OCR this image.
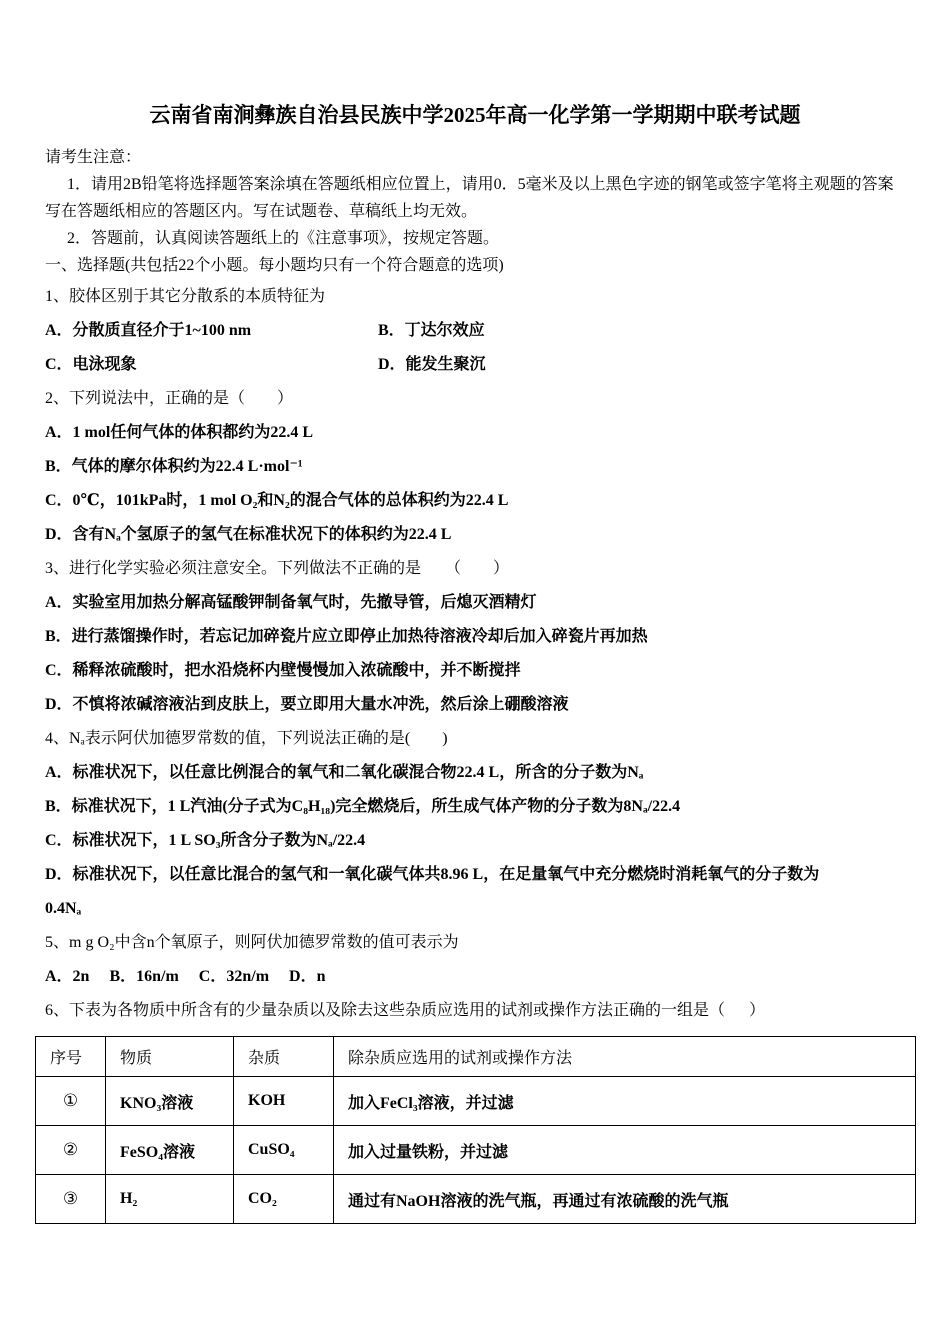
云南省南涧彝族自治县民族中学2025年高一化学第一学期期中联考试题

请考生注意：

1．请用2B铅笔将选择题答案涂填在答题纸相应位置上，请用0．5毫米及以上黑色字迹的钢笔或签字笔将主观题的答案写在答题纸相应的答题区内。写在试题卷、草稿纸上均无效。

2．答题前，认真阅读答题纸上的《注意事项》，按规定答题。

一、选择题(共包括22个小题。每小题均只有一个符合题意的选项)

1、胶体区别于其它分散系的本质特征为

A．分散质直径介于1~100 nm	B．丁达尔效应

C．电泳现象	D．能发生聚沉

2、下列说法中，正确的是（　　）

A．1 mol任何气体的体积都约为22.4 L

B．气体的摩尔体积约为22.4 L·mol⁻¹

C．0℃，101kPa时，1 mol O₂和N₂的混合气体的总体积约为22.4 L

D．含有Nₐ个氢原子的氢气在标准状况下的体积约为22.4 L

3、进行化学实验必须注意安全。下列做法不正确的是　　（　　）

A．实验室用加热分解高锰酸钾制备氧气时，先撤导管，后熄灭酒精灯

B．进行蒸馏操作时，若忘记加碎瓷片应立即停止加热待溶液冷却后加入碎瓷片再加热

C．稀释浓硫酸时，把水沿烧杯内壁慢慢加入浓硫酸中，并不断搅拌

D．不慎将浓碱溶液沾到皮肤上，要立即用大量水冲洗，然后涂上硼酸溶液

4、Nₐ表示阿伏加德罗常数的值，下列说法正确的是(　　)

A．标准状况下，以任意比例混合的氧气和二氧化碳混合物22.4 L，所含的分子数为Nₐ

B．标准状况下，1 L汽油(分子式为C₈H₁₈)完全燃烧后，所生成气体产物的分子数为8Nₐ/22.4

C．标准状况下，1 L SO₃所含分子数为Nₐ/22.4

D．标准状况下，以任意比混合的氢气和一氧化碳气体共8.96 L，在足量氧气中充分燃烧时消耗氧气的分子数为

0.4Nₐ

5、m g O₂中含n个氧原子，则阿伏加德罗常数的值可表示为

A．2n　 B．16n/m　 C．32n/m　 D．n

6、下表为各物质中所含有的少量杂质以及除去这些杂质应选用的试剂或操作方法正确的一组是（      ）

序号	物质	杂质	除杂质应选用的试剂或操作方法
①	KNO₃溶液	KOH	加入FeCl₃溶液，并过滤
②	FeSO₄溶液	CuSO₄	加入过量铁粉，并过滤
③	H₂	CO₂	通过有NaOH溶液的洗气瓶，再通过有浓硫酸的洗气瓶
